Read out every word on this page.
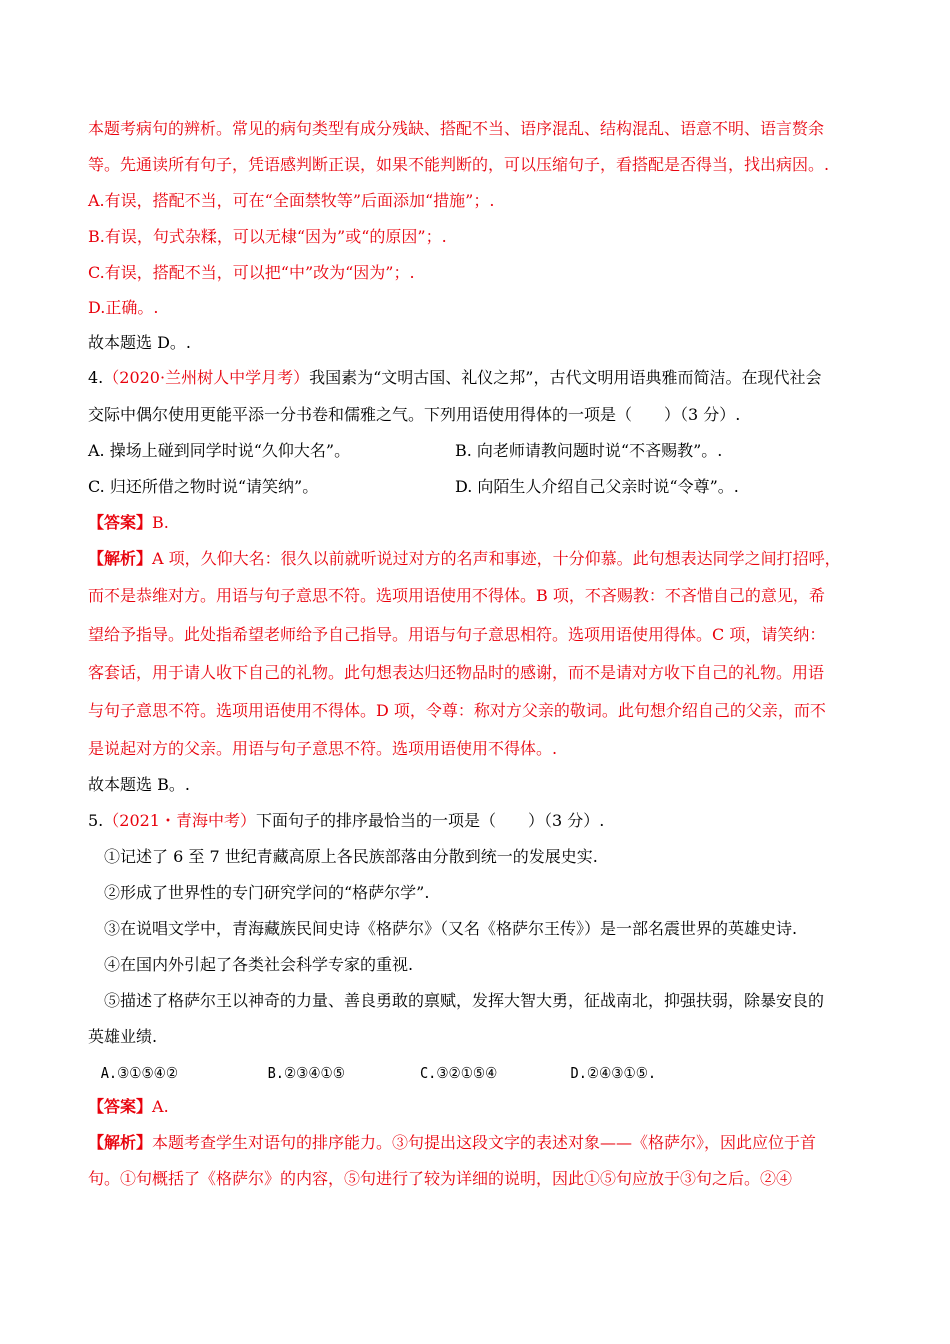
本题考病句的辨析。常见的病句类型有成分残缺、搭配不当、语序混乱、结构混乱、语意不明、语言赘余
等。先通读所有句子，凭语感判断正误，如果不能判断的，可以压缩句子，看搭配是否得当，找出病因。.
A.有误，搭配不当，可在“全面禁牧等”后面添加“措施”；.
B.有误，句式杂糅，可以无棣“因为”或“的原因”；.
C.有误，搭配不当，可以把“中”改为“因为”；.
D.正确。.
故本题选 D。.
4.（2020·兰州树人中学月考）我国素为“文明古国、礼仪之邦”，古代文明用语典雅而简洁。在现代社会
交际中偶尔使用更能平添一分书卷和儒雅之气。下列用语使用得体的一项是（　　）（3 分）.
A. 操场上碰到同学时说“久仰大名”。	B. 向老师请教问题时说“不吝赐教”。.
C. 归还所借之物时说“请笑纳”。	D. 向陌生人介绍自己父亲时说“令尊”。.
【答案】B.
【解析】A 项，久仰大名：很久以前就听说过对方的名声和事迹，十分仰慕。此句想表达同学之间打招呼，
而不是恭维对方。用语与句子意思不符。选项用语使用不得体。B 项，不吝赐教：不吝惜自己的意见，希
望给予指导。此处指希望老师给予自己指导。用语与句子意思相符。选项用语使用得体。C 项，请笑纳：
客套话，用于请人收下自己的礼物。此句想表达归还物品时的感谢，而不是请对方收下自己的礼物。用语
与句子意思不符。选项用语使用不得体。D 项，令尊：称对方父亲的敬词。此句想介绍自己的父亲，而不
是说起对方的父亲。用语与句子意思不符。选项用语使用不得体。.
故本题选 B。.
5.（2021・青海中考）下面句子的排序最恰当的一项是（　　）（3 分）.
①记述了 6 至 7 世纪青藏高原上各民族部落由分散到统一的发展史实.
②形成了世界性的专门研究学问的“格萨尔学”.
③在说唱文学中，青海藏族民间史诗《格萨尔》（又名《格萨尔王传》）是一部名震世界的英雄史诗.
④在国内外引起了各类社会科学专家的重视.
⑤描述了格萨尔王以神奇的力量、善良勇敢的禀赋，发挥大智大勇，征战南北，抑强扶弱，除暴安良的
英雄业绩.
A.③①⑤④②	B.②③④①⑤	C.③②①⑤④	D.②④③①⑤.
【答案】A.
【解析】本题考查学生对语句的排序能力。③句提出这段文字的表述对象——《格萨尔》，因此应位于首
句。①句概括了《格萨尔》的内容，⑤句进行了较为详细的说明，因此①⑤句应放于③句之后。②④
